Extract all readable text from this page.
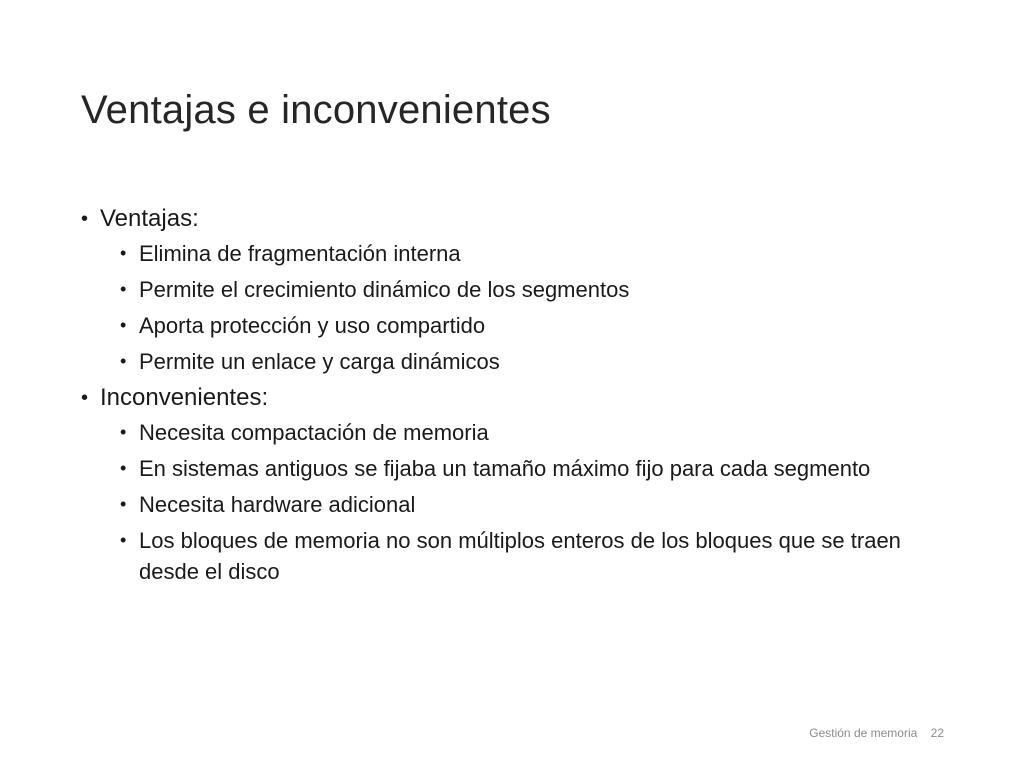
Ventajas e inconvenientes
• Ventajas:
• Elimina de fragmentación interna
• Permite el crecimiento dinámico de los segmentos
• Aporta protección y uso compartido
• Permite un enlace y carga dinámicos
• Inconvenientes:
• Necesita compactación de memoria
• En sistemas antiguos se fijaba un tamaño máximo fijo para cada segmento
• Necesita hardware adicional
• Los bloques de memoria no son múltiplos enteros de los bloques que se traen desde el disco
Gestión de memoria 22
